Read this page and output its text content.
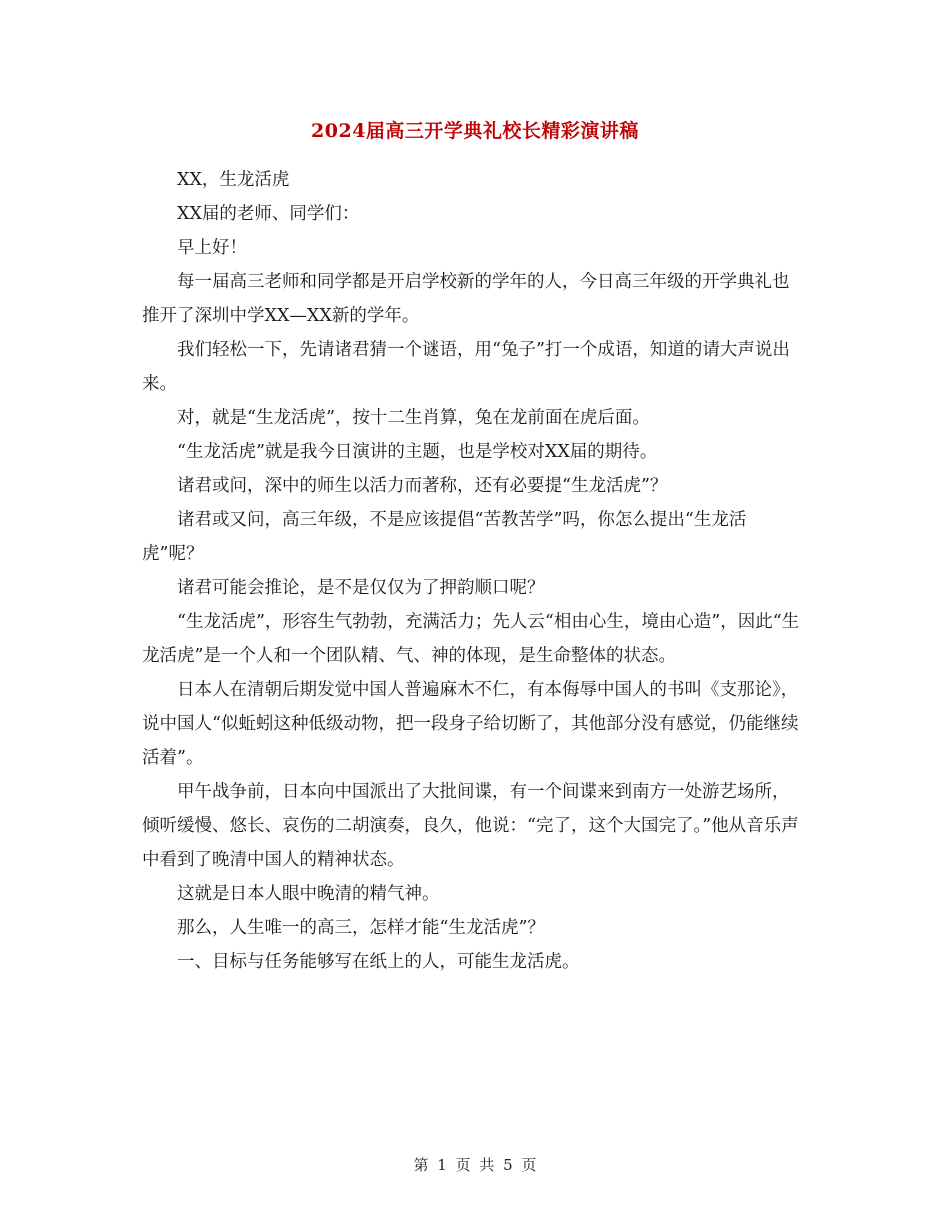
2024届高三开学典礼校长精彩演讲稿

XX，生龙活虎

XX届的老师、同学们：

早上好！

每一届高三老师和同学都是开启学校新的学年的人，今日高三年级的开学典礼也推开了深圳中学XX—XX新的学年。

我们轻松一下，先请诸君猜一个谜语，用“兔子”打一个成语，知道的请大声说出来。

对，就是“生龙活虎”，按十二生肖算，兔在龙前面在虎后面。

“生龙活虎”就是我今日演讲的主题，也是学校对XX届的期待。

诸君或问，深中的师生以活力而著称，还有必要提“生龙活虎”？

诸君或又问，高三年级，不是应该提倡“苦教苦学”吗，你怎么提出“生龙活虎”呢？

诸君可能会推论，是不是仅仅为了押韵顺口呢？

“生龙活虎”，形容生气勃勃，充满活力；先人云“相由心生，境由心造”，因此“生龙活虎”是一个人和一个团队精、气、神的体现，是生命整体的状态。

日本人在清朝后期发觉中国人普遍麻木不仁，有本侮辱中国人的书叫《支那论》，说中国人“似蚯蚓这种低级动物，把一段身子给切断了，其他部分没有感觉，仍能继续活着”。

甲午战争前，日本向中国派出了大批间谍，有一个间谍来到南方一处游艺场所，倾听缓慢、悠长、哀伤的二胡演奏，良久，他说：“完了，这个大国完了。”他从音乐声中看到了晚清中国人的精神状态。

这就是日本人眼中晚清的精气神。

那么，人生唯一的高三，怎样才能“生龙活虎”？

一、目标与任务能够写在纸上的人，可能生龙活虎。

第 1 页 共 5 页
